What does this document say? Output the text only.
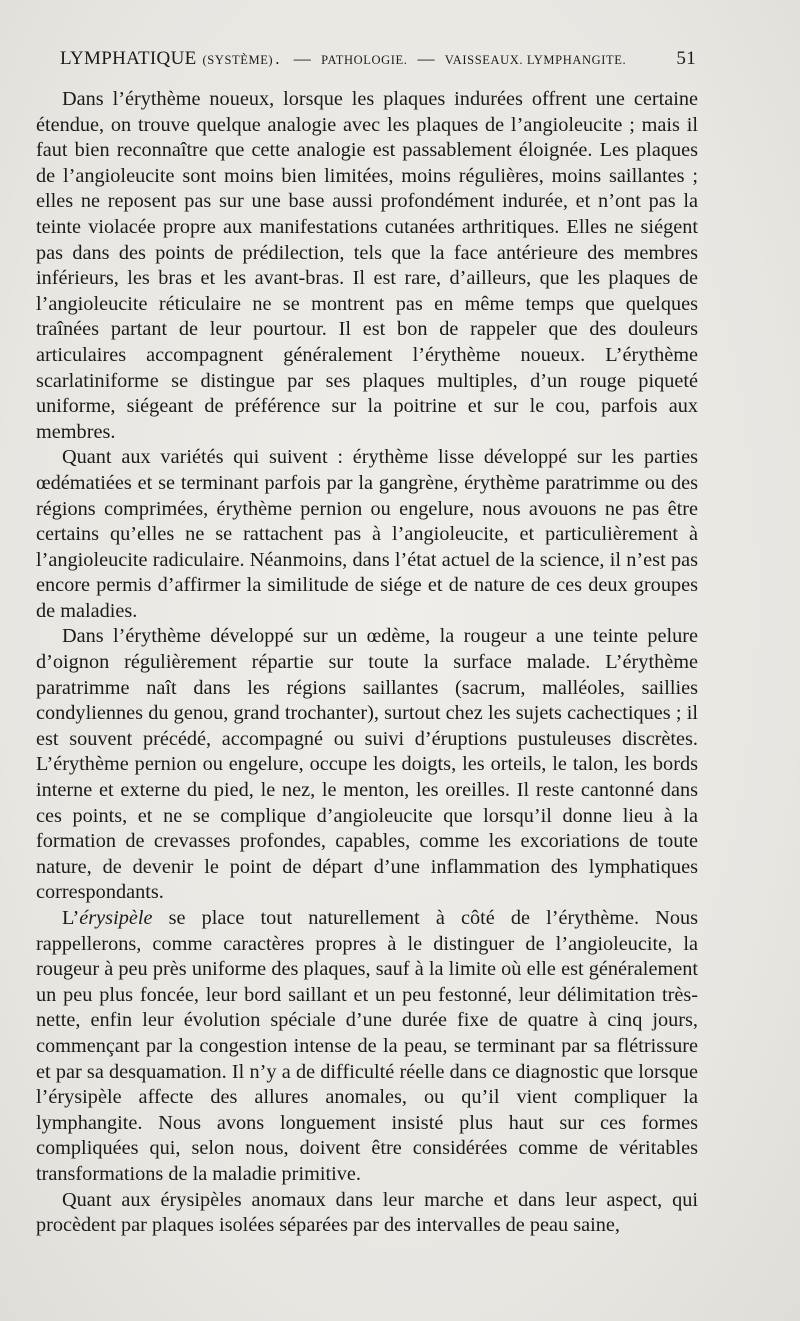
LYMPHATIQUE (SYSTÈME) . — PATHOLOGIE. — VAISSEAUX. LYMPHANGITE.	51

Dans l’érythème noueux, lorsque les plaques indurées offrent une certaine étendue, on trouve quelque analogie avec les plaques de l’angioleucite ; mais il faut bien reconnaître que cette analogie est passablement éloignée. Les plaques de l’angioleucite sont moins bien limitées, moins régulières, moins saillantes ; elles ne reposent pas sur une base aussi profondément indurée, et n’ont pas la teinte violacée propre aux manifestations cutanées arthritiques. Elles ne siégent pas dans des points de prédilection, tels que la face antérieure des membres inférieurs, les bras et les avant-bras. Il est rare, d’ailleurs, que les plaques de l’angioleucite réticulaire ne se montrent pas en même temps que quelques traînées partant de leur pourtour. Il est bon de rappeler que des douleurs articulaires accompagnent généralement l’érythème noueux. L’érythème scarlatiniforme se distingue par ses plaques multiples, d’un rouge piqueté uniforme, siégeant de préférence sur la poitrine et sur le cou, parfois aux membres.

Quant aux variétés qui suivent : érythème lisse développé sur les parties œdématiées et se terminant parfois par la gangrène, érythème paratrimme ou des régions comprimées, érythème pernion ou engelure, nous avouons ne pas être certains qu’elles ne se rattachent pas à l’angioleucite, et particulièrement à l’angioleucite radiculaire. Néanmoins, dans l’état actuel de la science, il n’est pas encore permis d’affirmer la similitude de siége et de nature de ces deux groupes de maladies.

Dans l’érythème développé sur un œdème, la rougeur a une teinte pelure d’oignon régulièrement répartie sur toute la surface malade. L’érythème paratrimme naît dans les régions saillantes (sacrum, malléoles, saillies condyliennes du genou, grand trochanter), surtout chez les sujets cachectiques ; il est souvent précédé, accompagné ou suivi d’éruptions pustuleuses discrètes. L’érythème pernion ou engelure, occupe les doigts, les orteils, le talon, les bords interne et externe du pied, le nez, le menton, les oreilles. Il reste cantonné dans ces points, et ne se complique d’angioleucite que lorsqu’il donne lieu à la formation de crevasses profondes, capables, comme les excoriations de toute nature, de devenir le point de départ d’une inflammation des lymphatiques correspondants.

L’érysipèle se place tout naturellement à côté de l’érythème. Nous rappellerons, comme caractères propres à le distinguer de l’angioleucite, la rougeur à peu près uniforme des plaques, sauf à la limite où elle est généralement un peu plus foncée, leur bord saillant et un peu festonné, leur délimitation très-nette, enfin leur évolution spéciale d’une durée fixe de quatre à cinq jours, commençant par la congestion intense de la peau, se terminant par sa flétrissure et par sa desquamation. Il n’y a de difficulté réelle dans ce diagnostic que lorsque l’érysipèle affecte des allures anomales, ou qu’il vient compliquer la lymphangite. Nous avons longuement insisté plus haut sur ces formes compliquées qui, selon nous, doivent être considérées comme de véritables transformations de la maladie primitive.

Quant aux érysipèles anomaux dans leur marche et dans leur aspect, qui procèdent par plaques isolées séparées par des intervalles de peau saine,
